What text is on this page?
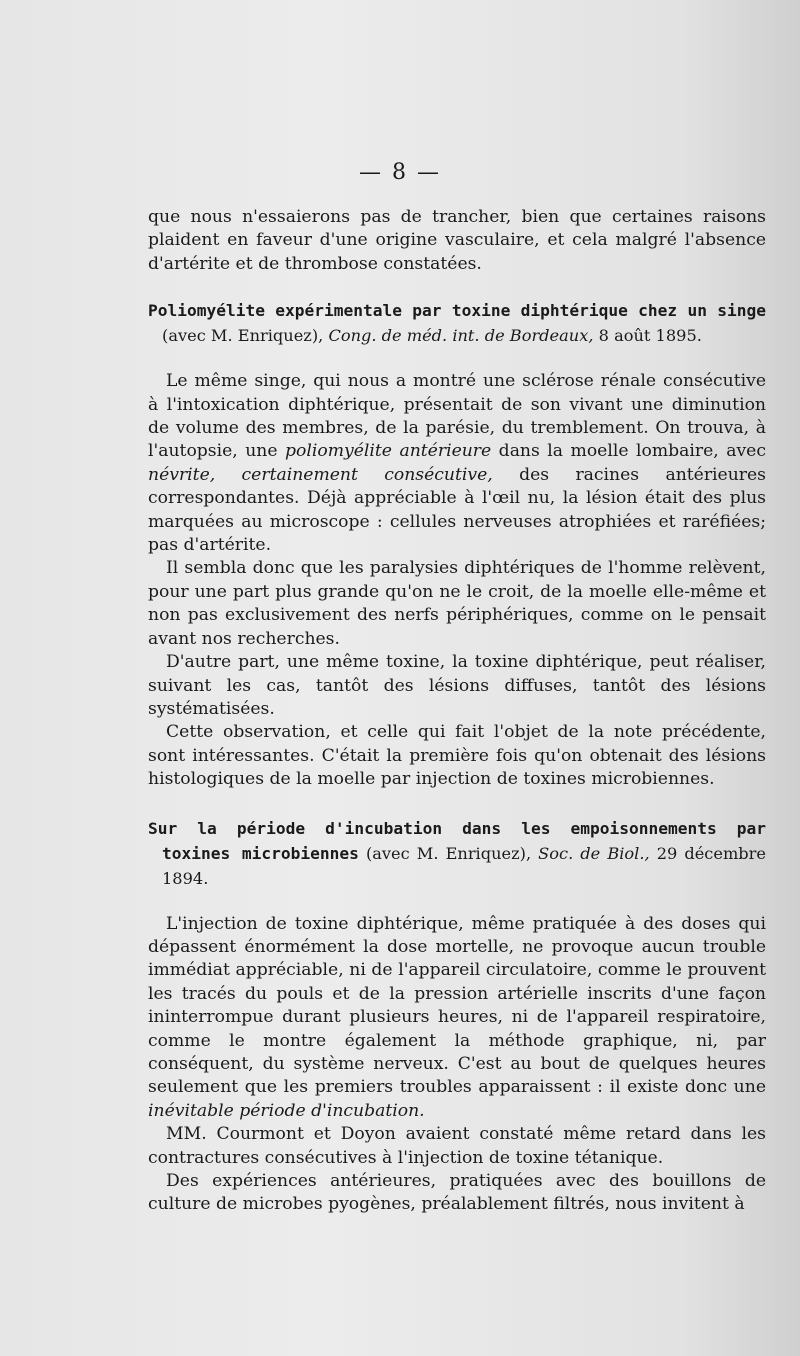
— 8 —

que nous n'essaierons pas de trancher, bien que certaines raisons plaident en faveur d'une origine vasculaire, et cela malgré l'absence d'artérite et de thrombose constatées.

Poliomyélite expérimentale par toxine diphtérique chez un singe (avec M. Enriquez), Cong. de méd. int. de Bordeaux, 8 août 1895.

Le même singe, qui nous a montré une sclérose rénale consécutive à l'intoxication diphtérique, présentait de son vivant une diminution de volume des membres, de la parésie, du tremblement. On trouva, à l'autopsie, une poliomyélite antérieure dans la moelle lombaire, avec névrite, certainement consécutive, des racines antérieures correspondantes. Déjà appréciable à l'œil nu, la lésion était des plus marquées au microscope : cellules nerveuses atrophiées et raréfiées; pas d'artérite.

Il sembla donc que les paralysies diphtériques de l'homme relèvent, pour une part plus grande qu'on ne le croit, de la moelle elle-même et non pas exclusivement des nerfs périphériques, comme on le pensait avant nos recherches.

D'autre part, une même toxine, la toxine diphtérique, peut réaliser, suivant les cas, tantôt des lésions diffuses, tantôt des lésions systématisées.

Cette observation, et celle qui fait l'objet de la note précédente, sont intéressantes. C'était la première fois qu'on obtenait des lésions histologiques de la moelle par injection de toxines microbiennes.

Sur la période d'incubation dans les empoisonnements par toxines microbiennes (avec M. Enriquez), Soc. de Biol., 29 décembre 1894.

L'injection de toxine diphtérique, même pratiquée à des doses qui dépassent énormément la dose mortelle, ne provoque aucun trouble immédiat appréciable, ni de l'appareil circulatoire, comme le prouvent les tracés du pouls et de la pression artérielle inscrits d'une façon ininterrompue durant plusieurs heures, ni de l'appareil respiratoire, comme le montre également la méthode graphique, ni, par conséquent, du système nerveux. C'est au bout de quelques heures seulement que les premiers troubles apparaissent : il existe donc une inévitable période d'incubation.

MM. Courmont et Doyon avaient constaté même retard dans les contractures consécutives à l'injection de toxine tétanique.

Des expériences antérieures, pratiquées avec des bouillons de culture de microbes pyogènes, préalablement filtrés, nous invitent à
